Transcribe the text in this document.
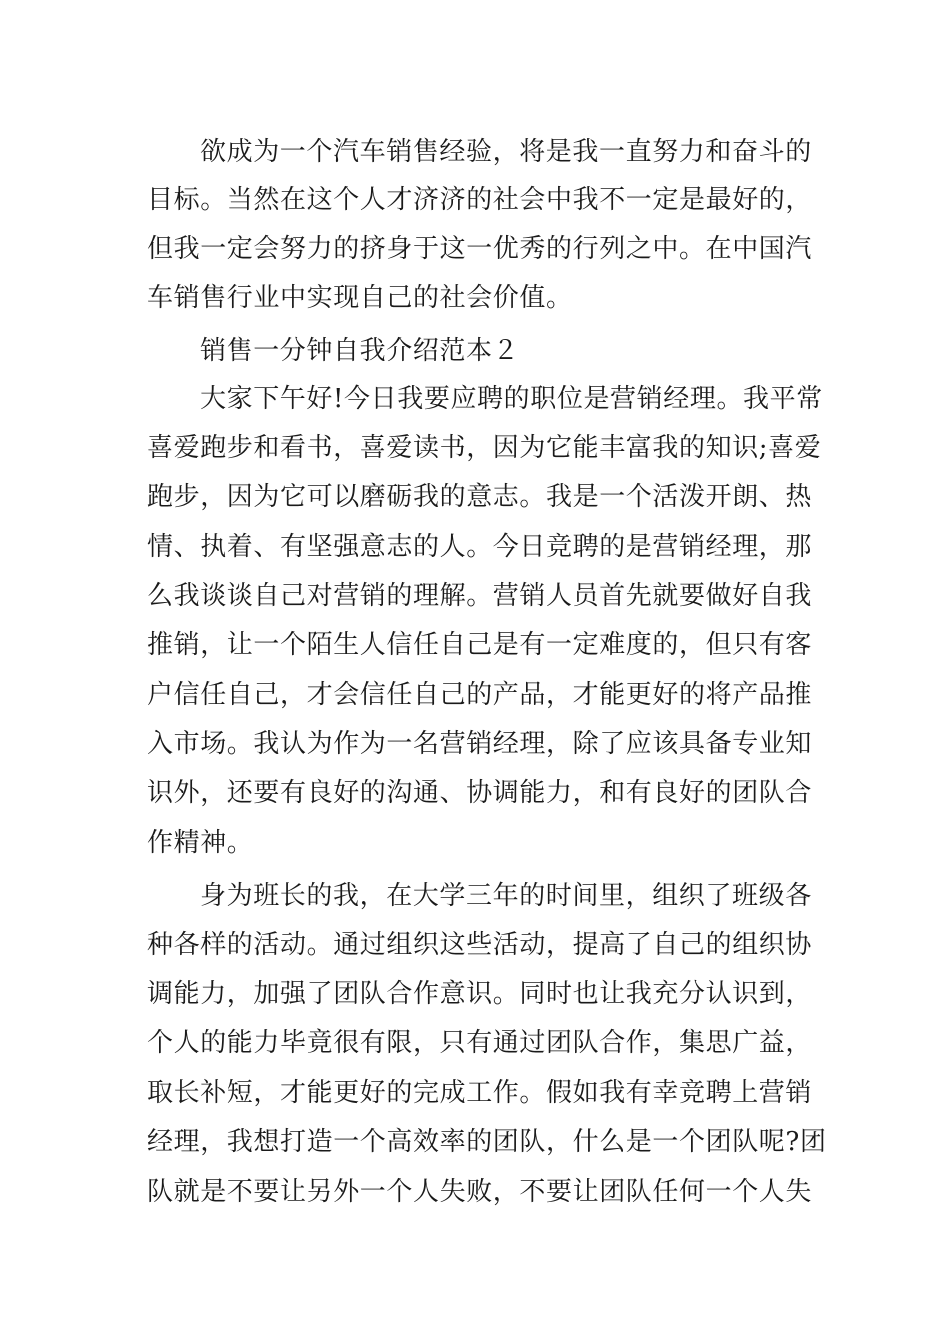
欲成为一个汽车销售经验，将是我一直努力和奋斗的
目标。当然在这个人才济济的社会中我不一定是最好的，
但我一定会努力的挤身于这一优秀的行列之中。在中国汽
车销售行业中实现自己的社会价值。
销售一分钟自我介绍范本２
大家下午好!今日我要应聘的职位是营销经理。我平常
喜爱跑步和看书，喜爱读书，因为它能丰富我的知识;喜爱
跑步，因为它可以磨砺我的意志。我是一个活泼开朗、热
情、执着、有坚强意志的人。今日竞聘的是营销经理，那
么我谈谈自己对营销的理解。营销人员首先就要做好自我
推销，让一个陌生人信任自己是有一定难度的，但只有客
户信任自己，才会信任自己的产品，才能更好的将产品推
入市场。我认为作为一名营销经理，除了应该具备专业知
识外，还要有良好的沟通、协调能力，和有良好的团队合
作精神。
身为班长的我，在大学三年的时间里，组织了班级各
种各样的活动。通过组织这些活动，提高了自己的组织协
调能力，加强了团队合作意识。同时也让我充分认识到，
个人的能力毕竟很有限，只有通过团队合作，集思广益，
取长补短，才能更好的完成工作。假如我有幸竞聘上营销
经理，我想打造一个高效率的团队，什么是一个团队呢?团
队就是不要让另外一个人失败，不要让团队任何一个人失
